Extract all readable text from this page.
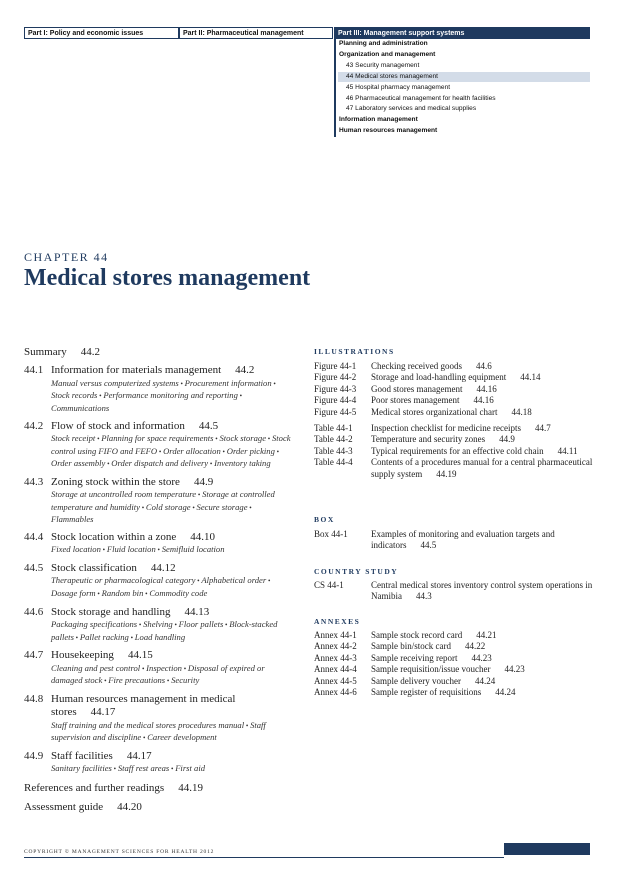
Part I: Policy and economic issues	Part II: Pharmaceutical management	Part III: Management support systems
Planning and administration
Organization and management
43 Security management
44 Medical stores management
45 Hospital pharmacy management
46 Pharmaceutical management for health facilities
47 Laboratory services and medical supplies
Information management
Human resources management
CHAPTER 44
Medical stores management
Summary 44.2
44.1 Information for materials management 44.2
Manual versus computerized systems • Procurement information • Stock records • Performance monitoring and reporting • Communications
44.2 Flow of stock and information 44.5
Stock receipt • Planning for space requirements • Stock storage • Stock control using FIFO and FEFO • Order allocation • Order picking • Order assembly • Order dispatch and delivery • Inventory taking
44.3 Zoning stock within the store 44.9
Storage at uncontrolled room temperature • Storage at controlled temperature and humidity • Cold storage • Secure storage • Flammables
44.4 Stock location within a zone 44.10
Fixed location • Fluid location • Semifluid location
44.5 Stock classification 44.12
Therapeutic or pharmacological category • Alphabetical order • Dosage form • Random bin • Commodity code
44.6 Stock storage and handling 44.13
Packaging specifications • Shelving • Floor pallets • Block-stacked pallets • Pallet racking • Load handling
44.7 Housekeeping 44.15
Cleaning and pest control • Inspection • Disposal of expired or damaged stock • Fire precautions • Security
44.8 Human resources management in medical stores 44.17
Staff training and the medical stores procedures manual • Staff supervision and discipline • Career development
44.9 Staff facilities 44.17
Sanitary facilities • Staff rest areas • First aid
References and further readings 44.19
Assessment guide 44.20
ILLUSTRATIONS
Figure 44-1	Checking received goods 44.6
Figure 44-2	Storage and load-handling equipment 44.14
Figure 44-3	Good stores management 44.16
Figure 44-4	Poor stores management 44.16
Figure 44-5	Medical stores organizational chart 44.18
Table 44-1	Inspection checklist for medicine receipts 44.7
Table 44-2	Temperature and security zones 44.9
Table 44-3	Typical requirements for an effective cold chain 44.11
Table 44-4	Contents of a procedures manual for a central pharmaceutical supply system 44.19
BOX
Box 44-1	Examples of monitoring and evaluation targets and indicators 44.5
COUNTRY STUDY
CS 44-1	Central medical stores inventory control system operations in Namibia 44.3
ANNEXES
Annex 44-1	Sample stock record card 44.21
Annex 44-2	Sample bin/stock card 44.22
Annex 44-3	Sample receiving report 44.23
Annex 44-4	Sample requisition/issue voucher 44.23
Annex 44-5	Sample delivery voucher 44.24
Annex 44-6	Sample register of requisitions 44.24
COPYRIGHT © MANAGEMENT SCIENCES FOR HEALTH 2012
